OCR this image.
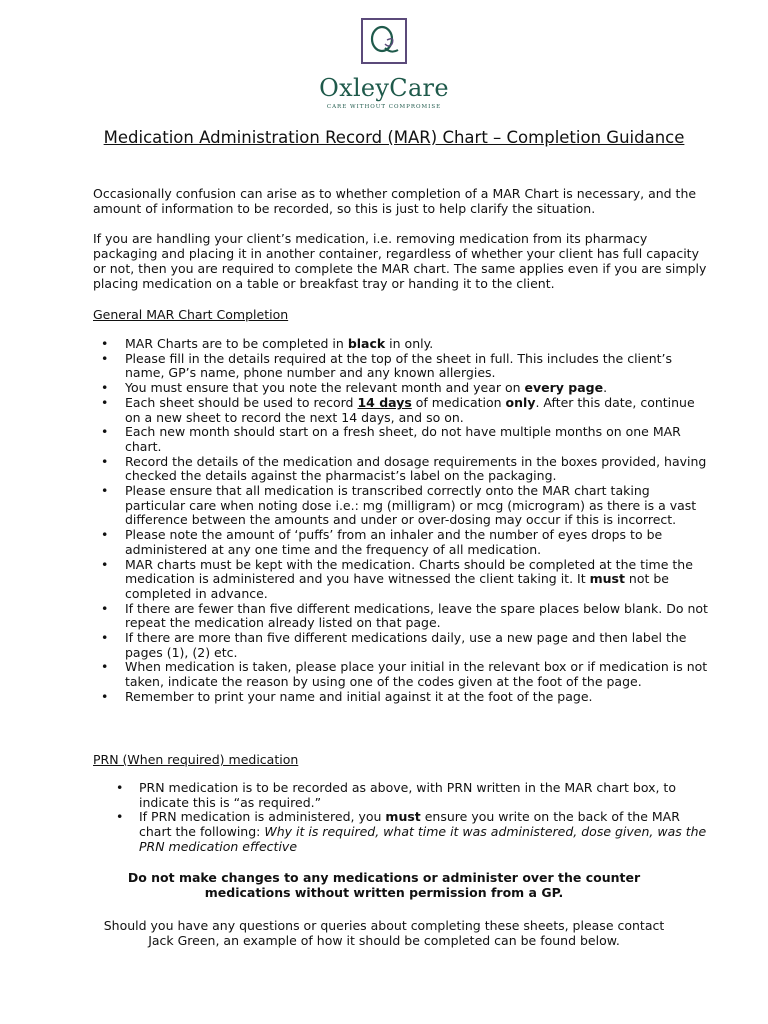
OxleyCare
CARE WITHOUT COMPROMISE
Medication Administration Record (MAR) Chart – Completion Guidance
Occasionally confusion can arise as to whether completion of a MAR Chart is necessary, and the amount of information to be recorded, so this is just to help clarify the situation.
If you are handling your client’s medication, i.e. removing medication from its pharmacy packaging and placing it in another container, regardless of whether your client has full capacity or not, then you are required to complete the MAR chart. The same applies even if you are simply placing medication on a table or breakfast tray or handing it to the client.
General MAR Chart Completion
• MAR Charts are to be completed in black in only.
• Please fill in the details required at the top of the sheet in full. This includes the client’s name, GP’s name, phone number and any known allergies.
• You must ensure that you note the relevant month and year on every page.
• Each sheet should be used to record 14 days of medication only. After this date, continue on a new sheet to record the next 14 days, and so on.
• Each new month should start on a fresh sheet, do not have multiple months on one MAR chart.
• Record the details of the medication and dosage requirements in the boxes provided, having checked the details against the pharmacist’s label on the packaging.
• Please ensure that all medication is transcribed correctly onto the MAR chart taking particular care when noting dose i.e.: mg (milligram) or mcg (microgram) as there is a vast difference between the amounts and under or over-dosing may occur if this is incorrect.
• Please note the amount of ‘puffs’ from an inhaler and the number of eyes drops to be administered at any one time and the frequency of all medication.
• MAR charts must be kept with the medication. Charts should be completed at the time the medication is administered and you have witnessed the client taking it. It must not be completed in advance.
• If there are fewer than five different medications, leave the spare places below blank. Do not repeat the medication already listed on that page.
• If there are more than five different medications daily, use a new page and then label the pages (1), (2) etc.
• When medication is taken, please place your initial in the relevant box or if medication is not taken, indicate the reason by using one of the codes given at the foot of the page.
• Remember to print your name and initial against it at the foot of the page.
PRN (When required) medication
• PRN medication is to be recorded as above, with PRN written in the MAR chart box, to indicate this is “as required.”
• If PRN medication is administered, you must ensure you write on the back of the MAR chart the following: Why it is required, what time it was administered, dose given, was the PRN medication effective
Do not make changes to any medications or administer over the counter medications without written permission from a GP.
Should you have any questions or queries about completing these sheets, please contact Jack Green, an example of how it should be completed can be found below.
